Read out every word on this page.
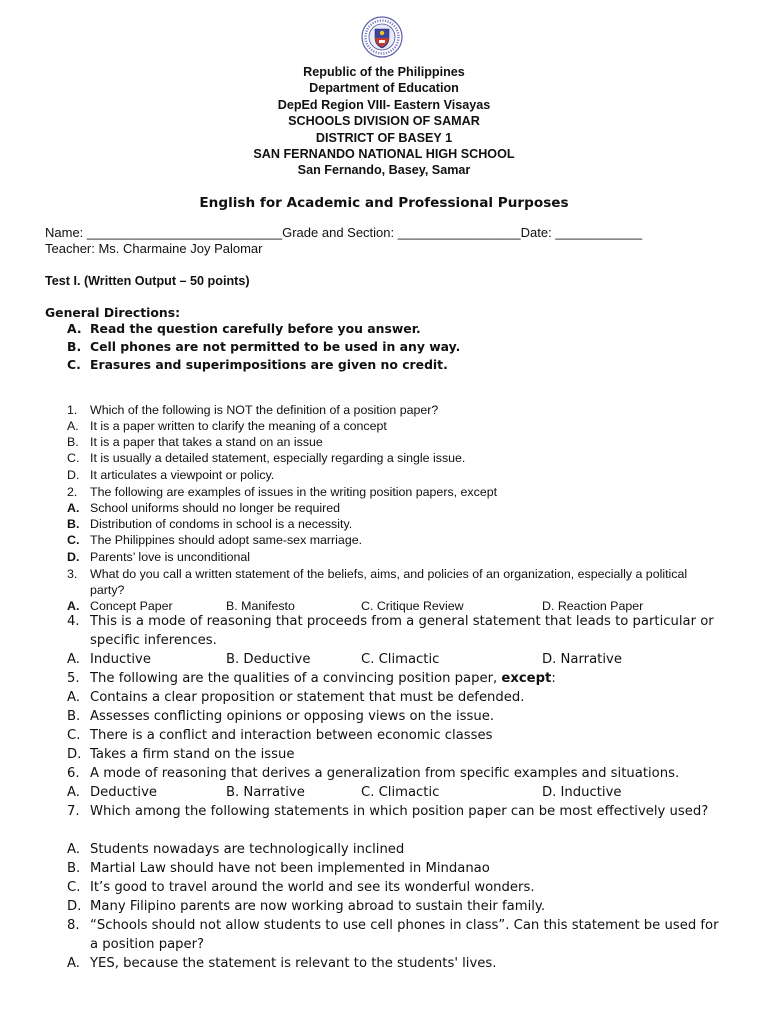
Republic of the Philippines
Department of Education
DepEd Region VIII- Eastern Visayas
SCHOOLS DIVISION OF SAMAR
DISTRICT OF BASEY 1
SAN FERNANDO NATIONAL HIGH SCHOOL
San Fernando, Basey, Samar
English for Academic and Professional Purposes
Name: ___________________________Grade and Section: _________________Date: ____________
Teacher: Ms. Charmaine Joy Palomar
Test I. (Written Output – 50 points)
General Directions:
A. Read the question carefully before you answer.
B. Cell phones are not permitted to be used in any way.
C. Erasures and superimpositions are given no credit.
1. Which of the following is NOT the definition of a position paper?
A. It is a paper written to clarify the meaning of a concept
B. It is a paper that takes a stand on an issue
C. It is usually a detailed statement, especially regarding a single issue.
D. It articulates a viewpoint or policy.
2. The following are examples of issues in the writing position papers, except
A. School uniforms should no longer be required
B. Distribution of condoms in school is a necessity.
C. The Philippines should adopt same-sex marriage.
D. Parents’ love is unconditional
3. What do you call a written statement of the beliefs, aims, and policies of an organization, especially a political party?
A. Concept Paper	B. Manifesto	C. Critique Review	D. Reaction Paper
4. This is a mode of reasoning that proceeds from a general statement that leads to particular or specific inferences.
A. Inductive	B. Deductive	C. Climactic	D. Narrative
5. The following are the qualities of a convincing position paper, except:
A. Contains a clear proposition or statement that must be defended.
B. Assesses conflicting opinions or opposing views on the issue.
C. There is a conflict and interaction between economic classes
D. Takes a firm stand on the issue
6. A mode of reasoning that derives a generalization from specific examples and situations.
A. Deductive	B. Narrative	C. Climactic	D. Inductive
7. Which among the following statements in which position paper can be most effectively used?
A. Students nowadays are technologically inclined
B. Martial Law should have not been implemented in Mindanao
C. It’s good to travel around the world and see its wonderful wonders.
D. Many Filipino parents are now working abroad to sustain their family.
8. “Schools should not allow students to use cell phones in class”. Can this statement be used for a position paper?
A. YES, because the statement is relevant to the students' lives.
